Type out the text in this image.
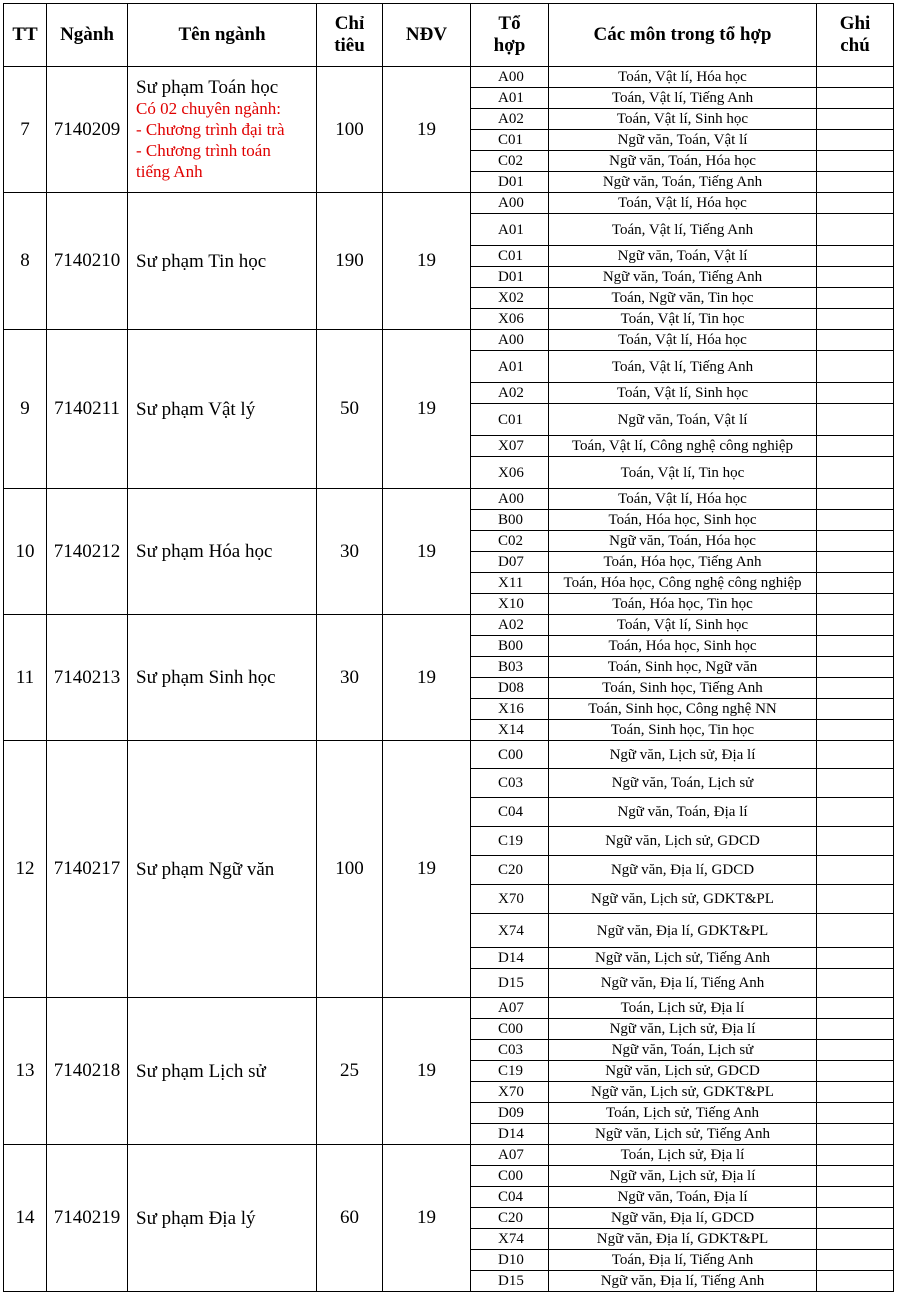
TT	Ngành	Tên ngành	Chỉ
tiêu	NĐV	Tổ
hợp	Các môn trong tổ hợp	Ghi
chú
7	7140209	Sư phạm Toán học
Có 02 chuyên ngành:
- Chương trình đại trà
- Chương trình toán
tiếng Anh	100	19	A00	Toán, Vật lí, Hóa học	
					A01	Toán, Vật lí, Tiếng Anh	
					A02	Toán, Vật lí, Sinh học	
					C01	Ngữ văn, Toán, Vật lí	
					C02	Ngữ văn, Toán, Hóa học	
					D01	Ngữ văn, Toán, Tiếng Anh	
8	7140210	Sư phạm Tin học	190	19	A00	Toán, Vật lí, Hóa học	
					A01	Toán, Vật lí, Tiếng Anh	
					C01	Ngữ văn, Toán, Vật lí	
					D01	Ngữ văn, Toán, Tiếng Anh	
					X02	Toán, Ngữ văn, Tin học	
					X06	Toán, Vật lí, Tin học	
9	7140211	Sư phạm Vật lý	50	19	A00	Toán, Vật lí, Hóa học	
					A01	Toán, Vật lí, Tiếng Anh	
					A02	Toán, Vật lí, Sinh học	
					C01	Ngữ văn, Toán, Vật lí	
					X07	Toán, Vật lí, Công nghệ công nghiệp	
					X06	Toán, Vật lí, Tin học	
10	7140212	Sư phạm Hóa học	30	19	A00	Toán, Vật lí, Hóa học	
					B00	Toán, Hóa học, Sinh học	
					C02	Ngữ văn, Toán, Hóa học	
					D07	Toán, Hóa học, Tiếng Anh	
					X11	Toán, Hóa học, Công nghệ công nghiệp	
					X10	Toán, Hóa học, Tin học	
11	7140213	Sư phạm Sinh học	30	19	A02	Toán, Vật lí, Sinh học	
					B00	Toán, Hóa học, Sinh học	
					B03	Toán, Sinh học, Ngữ văn	
					D08	Toán, Sinh học, Tiếng Anh	
					X16	Toán, Sinh học, Công nghệ NN	
					X14	Toán, Sinh học, Tin học	
12	7140217	Sư phạm Ngữ văn	100	19	C00	Ngữ văn, Lịch sử, Địa lí	
					C03	Ngữ văn, Toán, Lịch sử	
					C04	Ngữ văn, Toán, Địa lí	
					C19	Ngữ văn, Lịch sử, GDCD	
					C20	Ngữ văn, Địa lí, GDCD	
					X70	Ngữ văn, Lịch sử, GDKT&PL	
					X74	Ngữ văn, Địa lí, GDKT&PL	
					D14	Ngữ văn, Lịch sử, Tiếng Anh	
					D15	Ngữ văn, Địa lí, Tiếng Anh	
13	7140218	Sư phạm Lịch sử	25	19	A07	Toán, Lịch sử, Địa lí	
					C00	Ngữ văn, Lịch sử, Địa lí	
					C03	Ngữ văn, Toán, Lịch sử	
					C19	Ngữ văn, Lịch sử, GDCD	
					X70	Ngữ văn, Lịch sử, GDKT&PL	
					D09	Toán, Lịch sử, Tiếng Anh	
					D14	Ngữ văn, Lịch sử, Tiếng Anh	
14	7140219	Sư phạm Địa lý	60	19	A07	Toán, Lịch sử, Địa lí	
					C00	Ngữ văn, Lịch sử, Địa lí	
					C04	Ngữ văn, Toán, Địa lí	
					C20	Ngữ văn, Địa lí, GDCD	
					X74	Ngữ văn, Địa lí, GDKT&PL	
					D10	Toán, Địa lí, Tiếng Anh	
					D15	Ngữ văn, Địa lí, Tiếng Anh	
